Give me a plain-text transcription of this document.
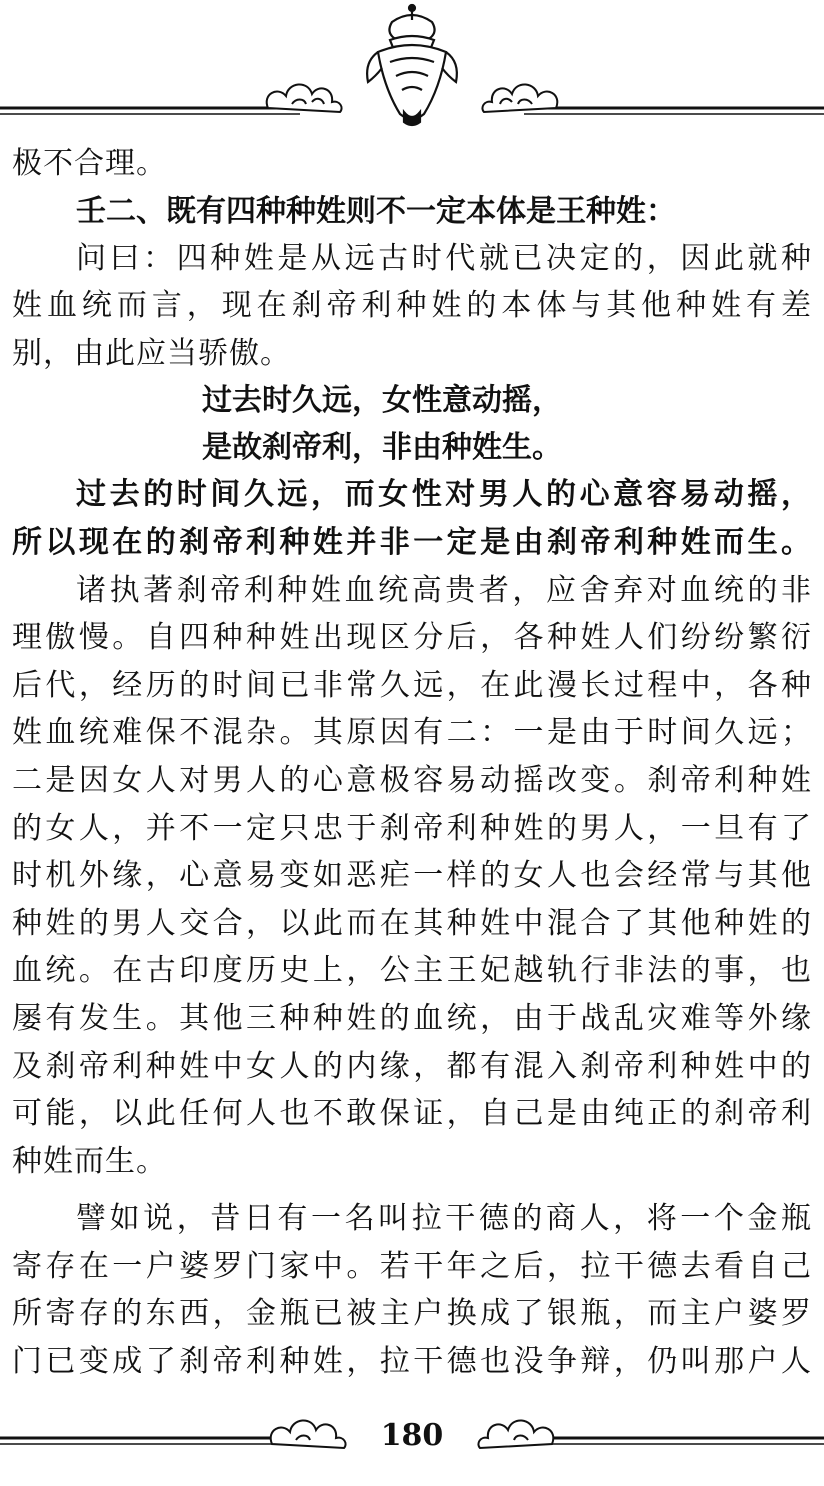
极不合理。
壬二、既有四种种姓则不一定本体是王种姓：
问曰：四种姓是从远古时代就已决定的，因此就种
姓血统而言，现在刹帝利种姓的本体与其他种姓有差
别，由此应当骄傲。
过去时久远，女性意动摇，
是故刹帝利，非由种姓生。
过去的时间久远，而女性对男人的心意容易动摇，
所以现在的刹帝利种姓并非一定是由刹帝利种姓而生。
诸执著刹帝利种姓血统高贵者，应舍弃对血统的非
理傲慢。自四种种姓出现区分后，各种姓人们纷纷繁衍
后代，经历的时间已非常久远，在此漫长过程中，各种
姓血统难保不混杂。其原因有二：一是由于时间久远；
二是因女人对男人的心意极容易动摇改变。刹帝利种姓
的女人，并不一定只忠于刹帝利种姓的男人，一旦有了
时机外缘，心意易变如恶疟一样的女人也会经常与其他
种姓的男人交合，以此而在其种姓中混合了其他种姓的
血统。在古印度历史上，公主王妃越轨行非法的事，也
屡有发生。其他三种种姓的血统，由于战乱灾难等外缘
及刹帝利种姓中女人的内缘，都有混入刹帝利种姓中的
可能，以此任何人也不敢保证，自己是由纯正的刹帝利
种姓而生。
譬如说，昔日有一名叫拉干德的商人，将一个金瓶
寄存在一户婆罗门家中。若干年之后，拉干德去看自己
所寄存的东西，金瓶已被主户换成了银瓶，而主户婆罗
门已变成了刹帝利种姓，拉干德也没争辩，仍叫那户人
180
